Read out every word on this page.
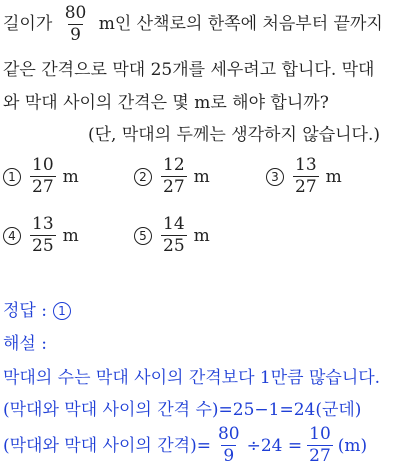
길이가 $\frac{80}{9}$ m인 산책로의 한쪽에 처음부터 끝까지
같은 간격으로 막대 25개를 세우려고 합니다. 막대
와 막대 사이의 간격은 몇 m로 해야 합니까?
(단, 막대의 두께는 생각하지 않습니다.)
$1 \frac{10}{27}$ m	$2 \frac{12}{27}$ m	$3 \frac{13}{27}$ m
$4 \frac{13}{25}$ m	$5 \frac{14}{25}$ m
정답 : 1
해설 :
막대의 수는 막대 사이의 간격보다 1만큼 많습니다.
(막대와 막대 사이의 간격 수)=25−1=24(군데)
(막대와 막대 사이의 간격)= $\frac{80}{9} \div 24 = \frac{10}{27} (m)$
